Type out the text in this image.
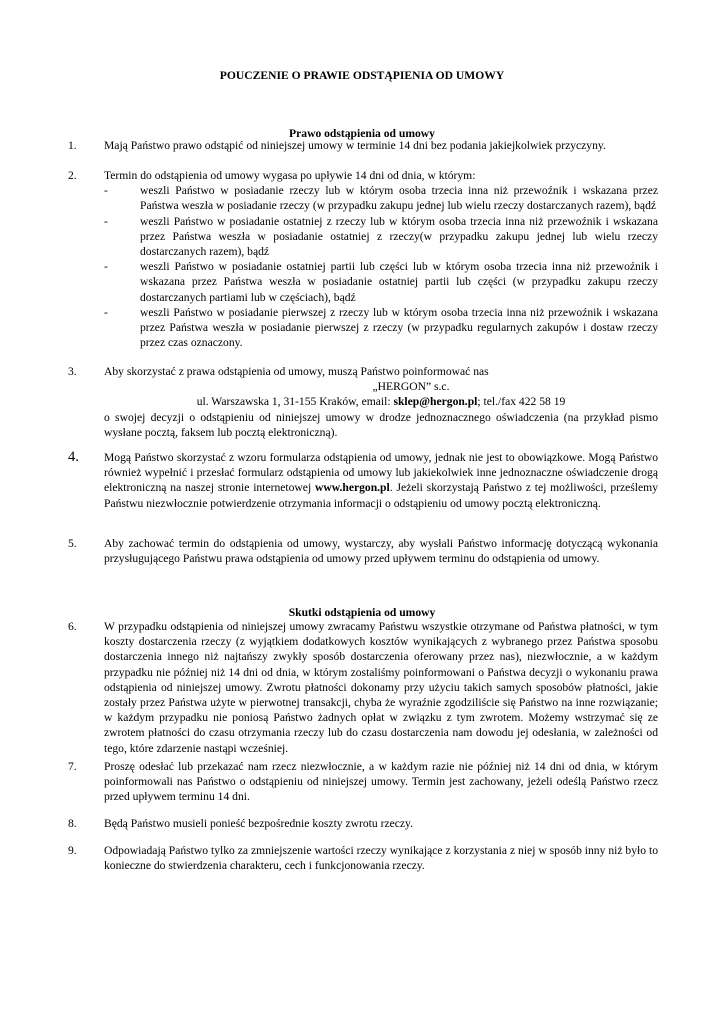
POUCZENIE O PRAWIE ODSTĄPIENIA OD UMOWY
Prawo odstąpienia od umowy
1.	Mają Państwo prawo odstąpić od niniejszej umowy w terminie 14 dni bez podania jakiejkolwiek przyczyny.
2.	Termin do odstąpienia od umowy wygasa po upływie 14 dni od dnia, w którym:
-	weszli Państwo w posiadanie rzeczy lub w którym osoba trzecia inna niż przewoźnik i wskazana przez Państwa weszła w posiadanie rzeczy (w przypadku zakupu jednej lub wielu rzeczy dostarczanych razem), bądź
-	weszli Państwo w posiadanie ostatniej z rzeczy lub w którym osoba trzecia inna niż przewoźnik i wskazana przez Państwa weszła w posiadanie ostatniej z rzeczy(w przypadku zakupu jednej lub wielu rzeczy dostarczanych razem), bądź
-	weszli Państwo w posiadanie ostatniej partii lub części lub w którym osoba trzecia inna niż przewoźnik i wskazana przez Państwa weszła w posiadanie ostatniej partii lub części (w przypadku zakupu rzeczy dostarczanych partiami lub w częściach), bądź
-	weszli Państwo w posiadanie pierwszej z rzeczy lub w którym osoba trzecia inna niż przewoźnik i wskazana przez Państwa weszła w posiadanie pierwszej z rzeczy (w przypadku regularnych zakupów i dostaw rzeczy przez czas oznaczony.
3.	Aby skorzystać z prawa odstąpienia od umowy, muszą Państwo poinformować nas
„HERGON” s.c.
ul. Warszawska 1, 31-155 Kraków, email: sklep@hergon.pl; tel./fax 422 58 19
o swojej decyzji o odstąpieniu od niniejszej umowy w drodze jednoznacznego oświadczenia (na przykład pismo wysłane pocztą, faksem lub pocztą elektroniczną).
4.	Mogą Państwo skorzystać z wzoru formularza odstąpienia od umowy, jednak nie jest to obowiązkowe. Mogą Państwo również wypełnić i przesłać formularz odstąpienia od umowy lub jakiekolwiek inne jednoznaczne oświadczenie drogą elektroniczną na naszej stronie internetowej www.hergon.pl. Jeżeli skorzystają Państwo z tej możliwości, prześlemy Państwu niezwłocznie potwierdzenie otrzymania informacji o odstąpieniu od umowy pocztą elektroniczną.
5.	Aby zachować termin do odstąpienia od umowy, wystarczy, aby wysłali Państwo informację dotyczącą wykonania przysługującego Państwu prawa odstąpienia od umowy przed upływem terminu do odstąpienia od umowy.
Skutki odstąpienia od umowy
6.	W przypadku odstąpienia od niniejszej umowy zwracamy Państwu wszystkie otrzymane od Państwa płatności, w tym koszty dostarczenia rzeczy (z wyjątkiem dodatkowych kosztów wynikających z wybranego przez Państwa sposobu dostarczenia innego niż najtańszy zwykły sposób dostarczenia oferowany przez nas), niezwłocznie, a w każdym przypadku nie później niż 14 dni od dnia, w którym zostaliśmy poinformowani o Państwa decyzji o wykonaniu prawa odstąpienia od niniejszej umowy. Zwrotu płatności dokonamy przy użyciu takich samych sposobów płatności, jakie zostały przez Państwa użyte w pierwotnej transakcji, chyba że wyraźnie zgodziliście się Państwo na inne rozwiązanie; w każdym przypadku nie poniosą Państwo żadnych opłat w związku z tym zwrotem. Możemy wstrzymać się ze zwrotem płatności do czasu otrzymania rzeczy lub do czasu dostarczenia nam dowodu jej odesłania, w zależności od tego, które zdarzenie nastąpi wcześniej.
7.	Proszę odesłać lub przekazać nam rzecz niezwłocznie, a w każdym razie nie później niż 14 dni od dnia, w którym poinformowali nas Państwo o odstąpieniu od niniejszej umowy. Termin jest zachowany, jeżeli odeślą Państwo rzecz przed upływem terminu 14 dni.
8.	Będą Państwo musieli ponieść bezpośrednie koszty zwrotu rzeczy.
9.	Odpowiadają Państwo tylko za zmniejszenie wartości rzeczy wynikające z korzystania z niej w sposób inny niż było to konieczne do stwierdzenia charakteru, cech i funkcjonowania rzeczy.
